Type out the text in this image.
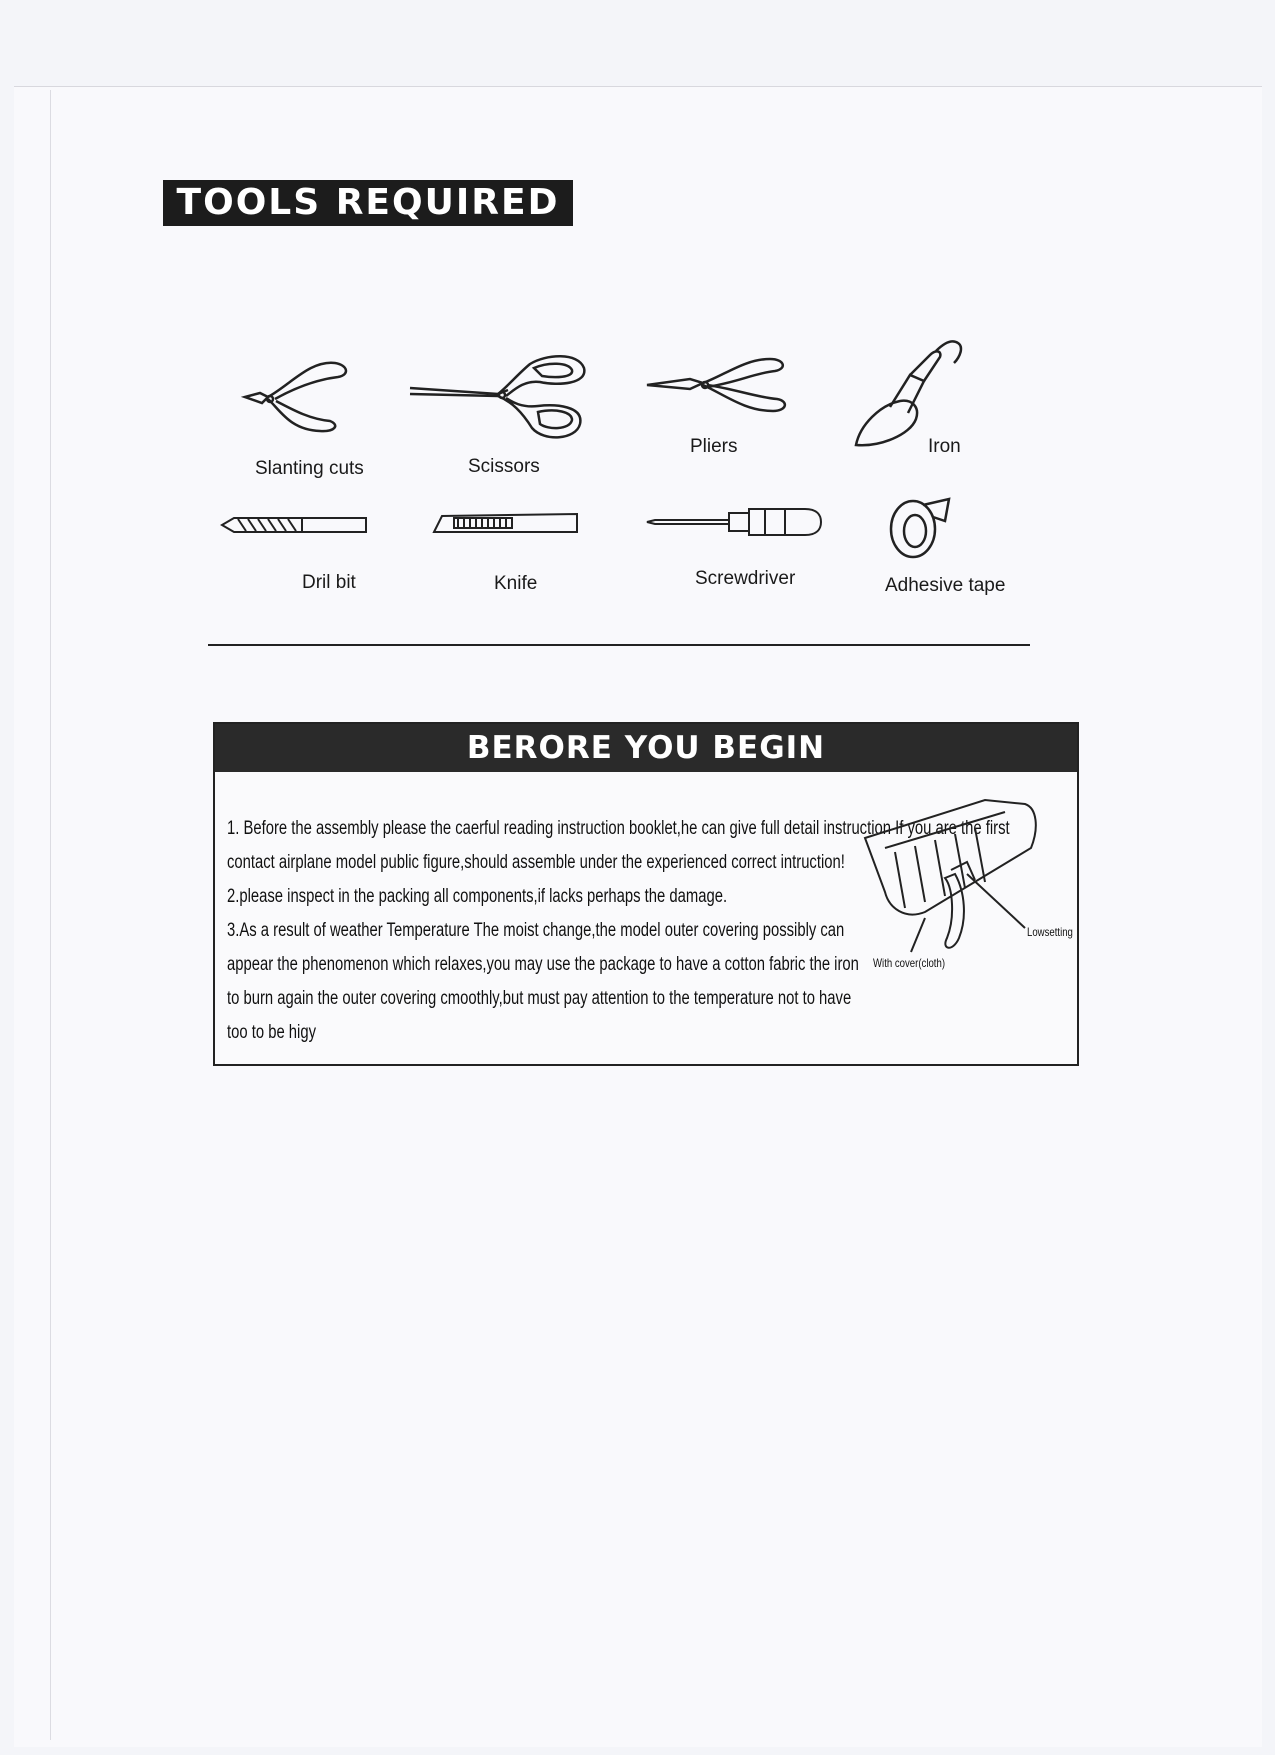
TOOLS REQUIRED
Slanting cuts	Scissors
Pliers	Iron
Dril bit	Knife	Screwdriver	Adhesive tape
BERORE YOU BEGIN
1. Before the assembly please the caerful reading instruction booklet,he can give full detail instruction If you are the first
contact airplane model public figure,should assemble under the experienced correct intruction!
2.please inspect in the packing all components,if lacks perhaps the damage.
3.As a result of weather Temperature The moist change,the model outer covering possibly can
appear the phenomenon which relaxes,you may use the package to have a cotton fabric the iron
to burn again the outer covering cmoothly,but must pay attention to the temperature not to have
too to be higy
Lowsetting
With cover(cloth)
